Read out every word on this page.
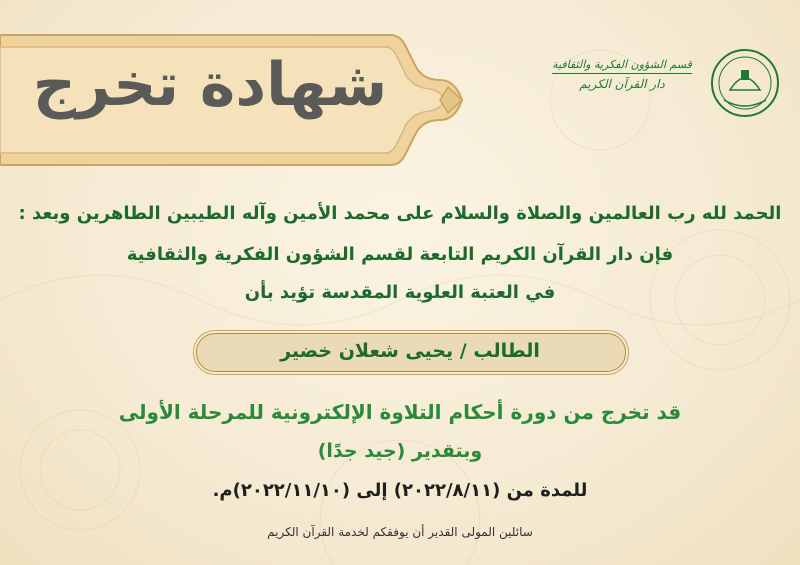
شهادة تخرج	قسم الشؤون الفكرية والثقافية
دار القرآن الكريم
الحمد لله رب العالمين والصلاة والسلام على محمد الأمين وآله الطيبين الطاهرين وبعد :
فإن دار القرآن الكريم التابعة لقسم الشؤون الفكرية والثقافية
في العتبة العلوية المقدسة تؤيد بأن
الطالب / يحيى شعلان خضير
قد تخرج من دورة أحكام التلاوة الإلكترونية للمرحلة الأولى
وبتقدير (جيد جدًا)
للمدة من (٢٠٢٢/٨/١١) إلى (٢٠٢٢/١١/١٠)م.
سائلين المولى القدير أن يوفقكم لخدمة القرآن الكريم
